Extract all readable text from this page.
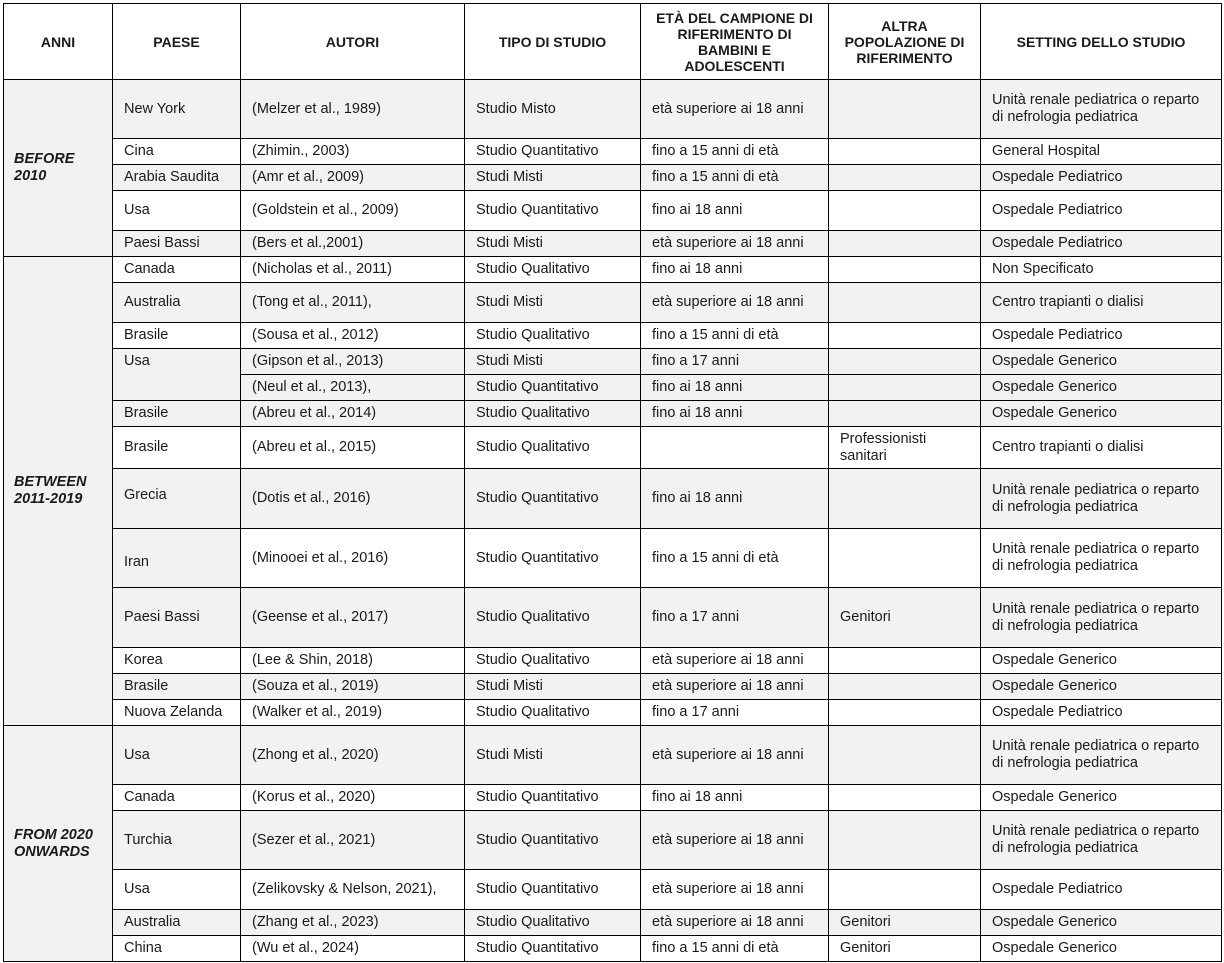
ANNI	PAESE	AUTORI	TIPO DI STUDIO	ETÀ DEL CAMPIONE DI RIFERIMENTO DI BAMBINI E ADOLESCENTI	ALTRA POPOLAZIONE DI RIFERIMENTO	SETTING DELLO STUDIO
BEFORE 2010	New York	(Melzer et al., 1989)	Studio Misto	età superiore ai 18 anni		Unità renale pediatrica o reparto di nefrologia pediatrica
	Cina	(Zhimin., 2003)	Studio Quantitativo	fino a 15 anni di età		General Hospital
	Arabia Saudita	(Amr et al., 2009)	Studi Misti	fino a 15 anni di età		Ospedale Pediatrico
	Usa	(Goldstein et al., 2009)	Studio Quantitativo	fino ai 18 anni		Ospedale Pediatrico
	Paesi Bassi	(Bers et al.,2001)	Studi Misti	età superiore ai 18 anni		Ospedale Pediatrico
BETWEEN 2011-2019	Canada	(Nicholas et al., 2011)	Studio Qualitativo	fino ai 18 anni		Non Specificato
	Australia	(Tong et al., 2011),	Studi Misti	età superiore ai 18 anni		Centro trapianti o dialisi
	Brasile	(Sousa et al., 2012)	Studio Qualitativo	fino a 15 anni di età		Ospedale Pediatrico
	Usa	(Gipson et al., 2013)	Studi Misti	fino a 17 anni		Ospedale Generico
		(Neul et al., 2013),	Studio Quantitativo	fino ai 18 anni		Ospedale Generico
	Brasile	(Abreu et al., 2014)	Studio Qualitativo	fino ai 18 anni		Ospedale Generico
	Brasile	(Abreu et al., 2015)	Studio Qualitativo		Professionisti sanitari	Centro trapianti o dialisi
	Grecia	(Dotis et al., 2016)	Studio Quantitativo	fino ai 18 anni		Unità renale pediatrica o reparto di nefrologia pediatrica
	Iran	(Minooei et al., 2016)	Studio Quantitativo	fino a 15 anni di età		Unità renale pediatrica o reparto di nefrologia pediatrica
	Paesi Bassi	(Geense et al., 2017)	Studio Qualitativo	fino a 17 anni	Genitori	Unità renale pediatrica o reparto di nefrologia pediatrica
	Korea	(Lee & Shin, 2018)	Studio Qualitativo	età superiore ai 18 anni		Ospedale Generico
	Brasile	(Souza et al., 2019)	Studi Misti	età superiore ai 18 anni		Ospedale Generico
	Nuova Zelanda	(Walker et al., 2019)	Studio Qualitativo	fino a 17 anni		Ospedale Pediatrico
FROM 2020 ONWARDS	Usa	(Zhong et al., 2020)	Studi Misti	età superiore ai 18 anni		Unità renale pediatrica o reparto di nefrologia pediatrica
	Canada	(Korus et al., 2020)	Studio Quantitativo	fino ai 18 anni		Ospedale Generico
	Turchia	(Sezer et al., 2021)	Studio Quantitativo	età superiore ai 18 anni		Unità renale pediatrica o reparto di nefrologia pediatrica
	Usa	(Zelikovsky & Nelson, 2021),	Studio Quantitativo	età superiore ai 18 anni		Ospedale Pediatrico
	Australia	(Zhang et al., 2023)	Studio Qualitativo	età superiore ai 18 anni	Genitori	Ospedale Generico
	China	(Wu et al., 2024)	Studio Quantitativo	fino a 15 anni di età	Genitori	Ospedale Generico
